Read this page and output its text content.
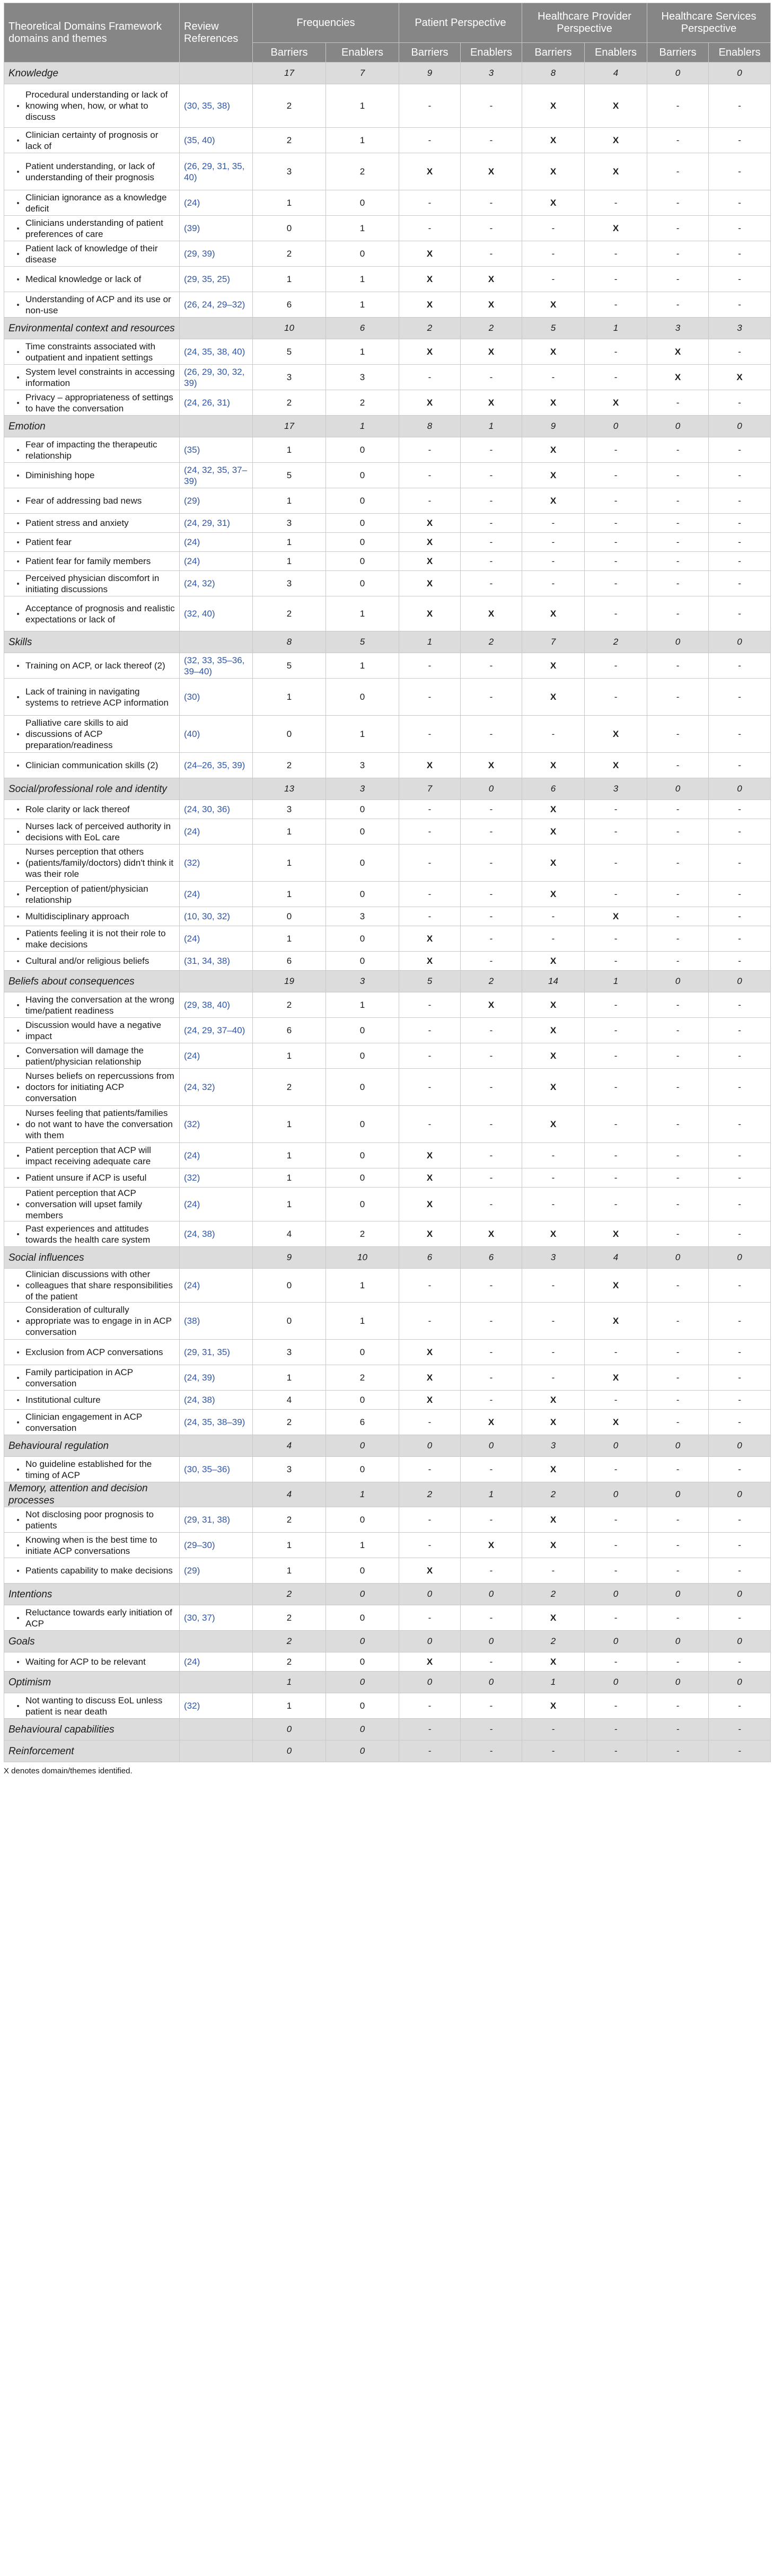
Theoretical Domains Framework domains and themes	Review References	Frequencies		Patient Perspective		Healthcare Provider Perspective		Healthcare Services Perspective	
		Barriers	Enablers	Barriers	Enablers	Barriers	Enablers	Barriers	Enablers
Knowledge		17	7	9	3	8	4	0	0

Procedural understanding or lack of knowing when, how, or what to discuss	(30, 35, 38)	2	1	-	-	X	X	-	-

Clinician certainty of prognosis or lack of	(35, 40)	2	1	-	-	X	X	-	-

Patient understanding, or lack of understanding of their prognosis	(26, 29, 31, 35, 40)	3	2	X	X	X	X	-	-

Clinician ignorance as a knowledge deficit	(24)	1	0	-	-	X	-	-	-

Clinicians understanding of patient preferences of care	(39)	0	1	-	-	-	X	-	-

Patient lack of knowledge of their disease	(29, 39)	2	0	X	-	-	-	-	-

Medical knowledge or lack of	(29, 35, 25)	1	1	X	X	-	-	-	-

Understanding of ACP and its use or non-use	(26, 24, 29–32)	6	1	X	X	X	-	-	-
Environmental context and resources		10	6	2	2	5	1	3	3

Time constraints associated with outpatient and inpatient settings	(24, 35, 38, 40)	5	1	X	X	X	-	X	-

System level constraints in accessing information	(26, 29, 30, 32, 39)	3	3	-	-	-	-	X	X

Privacy – appropriateness of settings to have the conversation	(24, 26, 31)	2	2	X	X	X	X	-	-
Emotion		17	1	8	1	9	0	0	0

Fear of impacting the therapeutic relationship	(35)	1	0	-	-	X	-	-	-

Diminishing hope	(24, 32, 35, 37–39)	5	0	-	-	X	-	-	-

Fear of addressing bad news	(29)	1	0	-	-	X	-	-	-

Patient stress and anxiety	(24, 29, 31)	3	0	X	-	-	-	-	-

Patient fear	(24)	1	0	X	-	-	-	-	-

Patient fear for family members	(24)	1	0	X	-	-	-	-	-

Perceived physician discomfort in initiating discussions	(24, 32)	3	0	X	-	-	-	-	-

Acceptance of prognosis and realistic expectations or lack of	(32, 40)	2	1	X	X	X	-	-	-
Skills		8	5	1	2	7	2	0	0

Training on ACP, or lack thereof (2)	(32, 33, 35–36, 39–40)	5	1	-	-	X	-	-	-

Lack of training in navigating systems to retrieve ACP information	(30)	1	0	-	-	X	-	-	-

Palliative care skills to aid discussions of ACP preparation/readiness	(40)	0	1	-	-	-	X	-	-

Clinician communication skills (2)	(24–26, 35, 39)	2	3	X	X	X	X	-	-
Social/professional role and identity		13	3	7	0	6	3	0	0

Role clarity or lack thereof	(24, 30, 36)	3	0	-	-	X	-	-	-

Nurses lack of perceived authority in decisions with EoL care	(24)	1	0	-	-	X	-	-	-

Nurses perception that others (patients/family/doctors) didn't think it was their role	(32)	1	0	-	-	X	-	-	-

Perception of patient/physician relationship	(24)	1	0	-	-	X	-	-	-

Multidisciplinary approach	(10, 30, 32)	0	3	-	-	-	X	-	-

Patients feeling it is not their role to make decisions	(24)	1	0	X	-	-	-	-	-

Cultural and/or religious beliefs	(31, 34, 38)	6	0	X	-	X	-	-	-
Beliefs about consequences		19	3	5	2	14	1	0	0

Having the conversation at the wrong time/patient readiness	(29, 38, 40)	2	1	-	X	X	-	-	-

Discussion would have a negative impact	(24, 29, 37–40)	6	0	-	-	X	-	-	-

Conversation will damage the patient/physician relationship	(24)	1	0	-	-	X	-	-	-

Nurses beliefs on repercussions from doctors for initiating ACP conversation	(24, 32)	2	0	-	-	X	-	-	-

Nurses feeling that patients/families do not want to have the conversation with them	(32)	1	0	-	-	X	-	-	-

Patient perception that ACP will impact receiving adequate care	(24)	1	0	X	-	-	-	-	-

Patient unsure if ACP is useful	(32)	1	0	X	-	-	-	-	-

Patient perception that ACP conversation will upset family members	(24)	1	0	X	-	-	-	-	-

Past experiences and attitudes towards the health care system	(24, 38)	4	2	X	X	X	X	-	-
Social influences		9	10	6	6	3	4	0	0

Clinician discussions with other colleagues that share responsibilities of the patient	(24)	0	1	-	-	-	X	-	-

Consideration of culturally appropriate was to engage in in ACP conversation	(38)	0	1	-	-	-	X	-	-

Exclusion from ACP conversations	(29, 31, 35)	3	0	X	-	-	-	-	-

Family participation in ACP conversation	(24, 39)	1	2	X	-	-	X	-	-

Institutional culture	(24, 38)	4	0	X	-	X	-	-	-

Clinician engagement in ACP conversation	(24, 35, 38–39)	2	6	-	X	X	X	-	-
Behavioural regulation		4	0	0	0	3	0	0	0

No guideline established for the timing of ACP	(30, 35–36)	3	0	-	-	X	-	-	-
Memory, attention and decision processes		4	1	2	1	2	0	0	0

Not disclosing poor prognosis to patients	(29, 31, 38)	2	0	-	-	X	-	-	-

Knowing when is the best time to initiate ACP conversations	(29–30)	1	1	-	X	X	-	-	-

Patients capability to make decisions	(29)	1	0	X	-	-	-	-	-
Intentions		2	0	0	0	2	0	0	0

Reluctance towards early initiation of ACP	(30, 37)	2	0	-	-	X	-	-	-
Goals		2	0	0	0	2	0	0	0

Waiting for ACP to be relevant	(24)	2	0	X	-	X	-	-	-
Optimism		1	0	0	0	1	0	0	0

Not wanting to discuss EoL unless patient is near death	(32)	1	0	-	-	X	-	-	-
Behavioural capabilities		0	0	-	-	-	-	-	-
Reinforcement		0	0	-	-	-	-	-	-
X denotes domain/themes identified.
